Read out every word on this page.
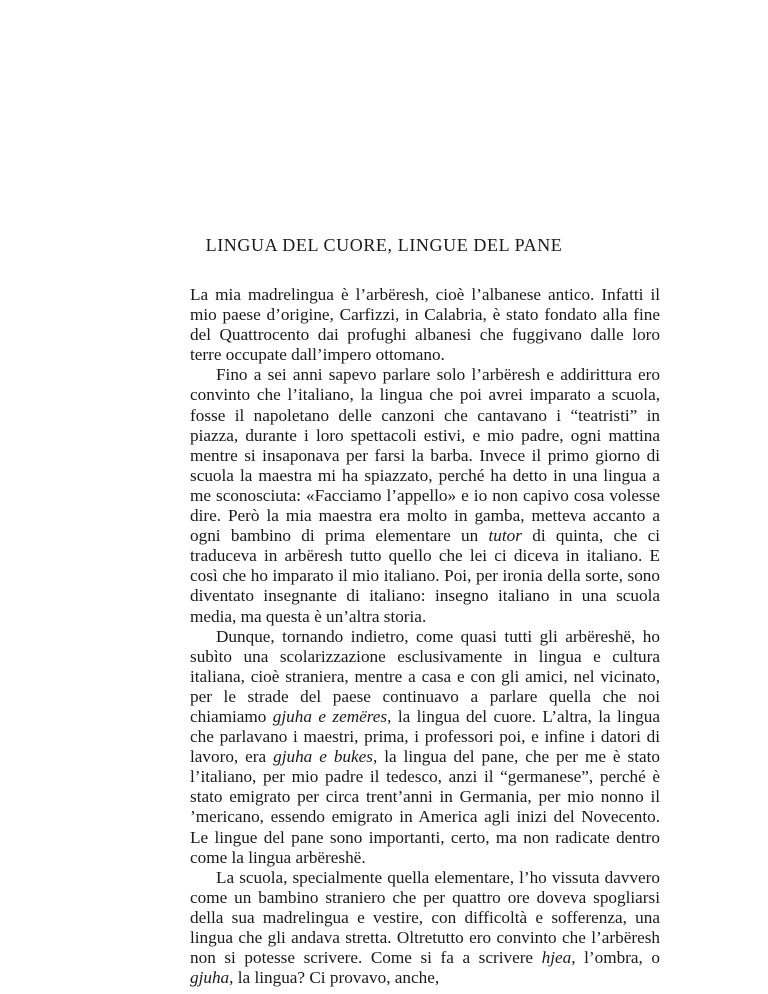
LINGUA DEL CUORE, LINGUE DEL PANE

La mia madrelingua è l’arbëresh, cioè l’albanese antico. Infatti il mio paese d’origine, Carfizzi, in Calabria, è stato fondato alla fine del Quattrocento dai profughi albanesi che fuggivano dalle loro terre occupate dall’impero ottomano.

Fino a sei anni sapevo parlare solo l’arbëresh e addirittura ero convinto che l’italiano, la lingua che poi avrei imparato a scuola, fosse il napoletano delle canzoni che cantavano i “teatristi” in piazza, durante i loro spettacoli estivi, e mio padre, ogni mattina mentre si insaponava per farsi la barba. Invece il primo giorno di scuola la maestra mi ha spiazzato, perché ha detto in una lingua a me sconosciuta: «Facciamo l’appello» e io non capivo cosa volesse dire. Però la mia maestra era molto in gamba, metteva accanto a ogni bambino di prima elementare un tutor di quinta, che ci traduceva in arbëresh tutto quello che lei ci diceva in italiano. E così che ho imparato il mio italiano. Poi, per ironia della sorte, sono diventato insegnante di italiano: insegno italiano in una scuola media, ma questa è un’altra storia.

Dunque, tornando indietro, come quasi tutti gli arbëreshë, ho subìto una scolarizzazione esclusivamente in lingua e cultura italiana, cioè straniera, mentre a casa e con gli amici, nel vicinato, per le strade del paese continuavo a parlare quella che noi chiamiamo gjuha e zemëres, la lingua del cuore. L’altra, la lingua che parlavano i maestri, prima, i professori poi, e infine i datori di lavoro, era gjuha e bukes, la lingua del pane, che per me è stato l’italiano, per mio padre il tedesco, anzi il “germanese”, perché è stato emigrato per circa trent’anni in Germania, per mio nonno il ’mericano, essendo emigrato in America agli inizi del Novecento. Le lingue del pane sono importanti, certo, ma non radicate dentro come la lingua arbëreshë.

La scuola, specialmente quella elementare, l’ho vissuta davvero come un bambino straniero che per quattro ore doveva spogliarsi della sua madrelingua e vestire, con difficoltà e sofferenza, una lingua che gli andava stretta. Oltretutto ero convinto che l’arbëresh non si potesse scrivere. Come si fa a scrivere hjea, l’ombra, o gjuha, la lingua? Ci provavo, anche,
